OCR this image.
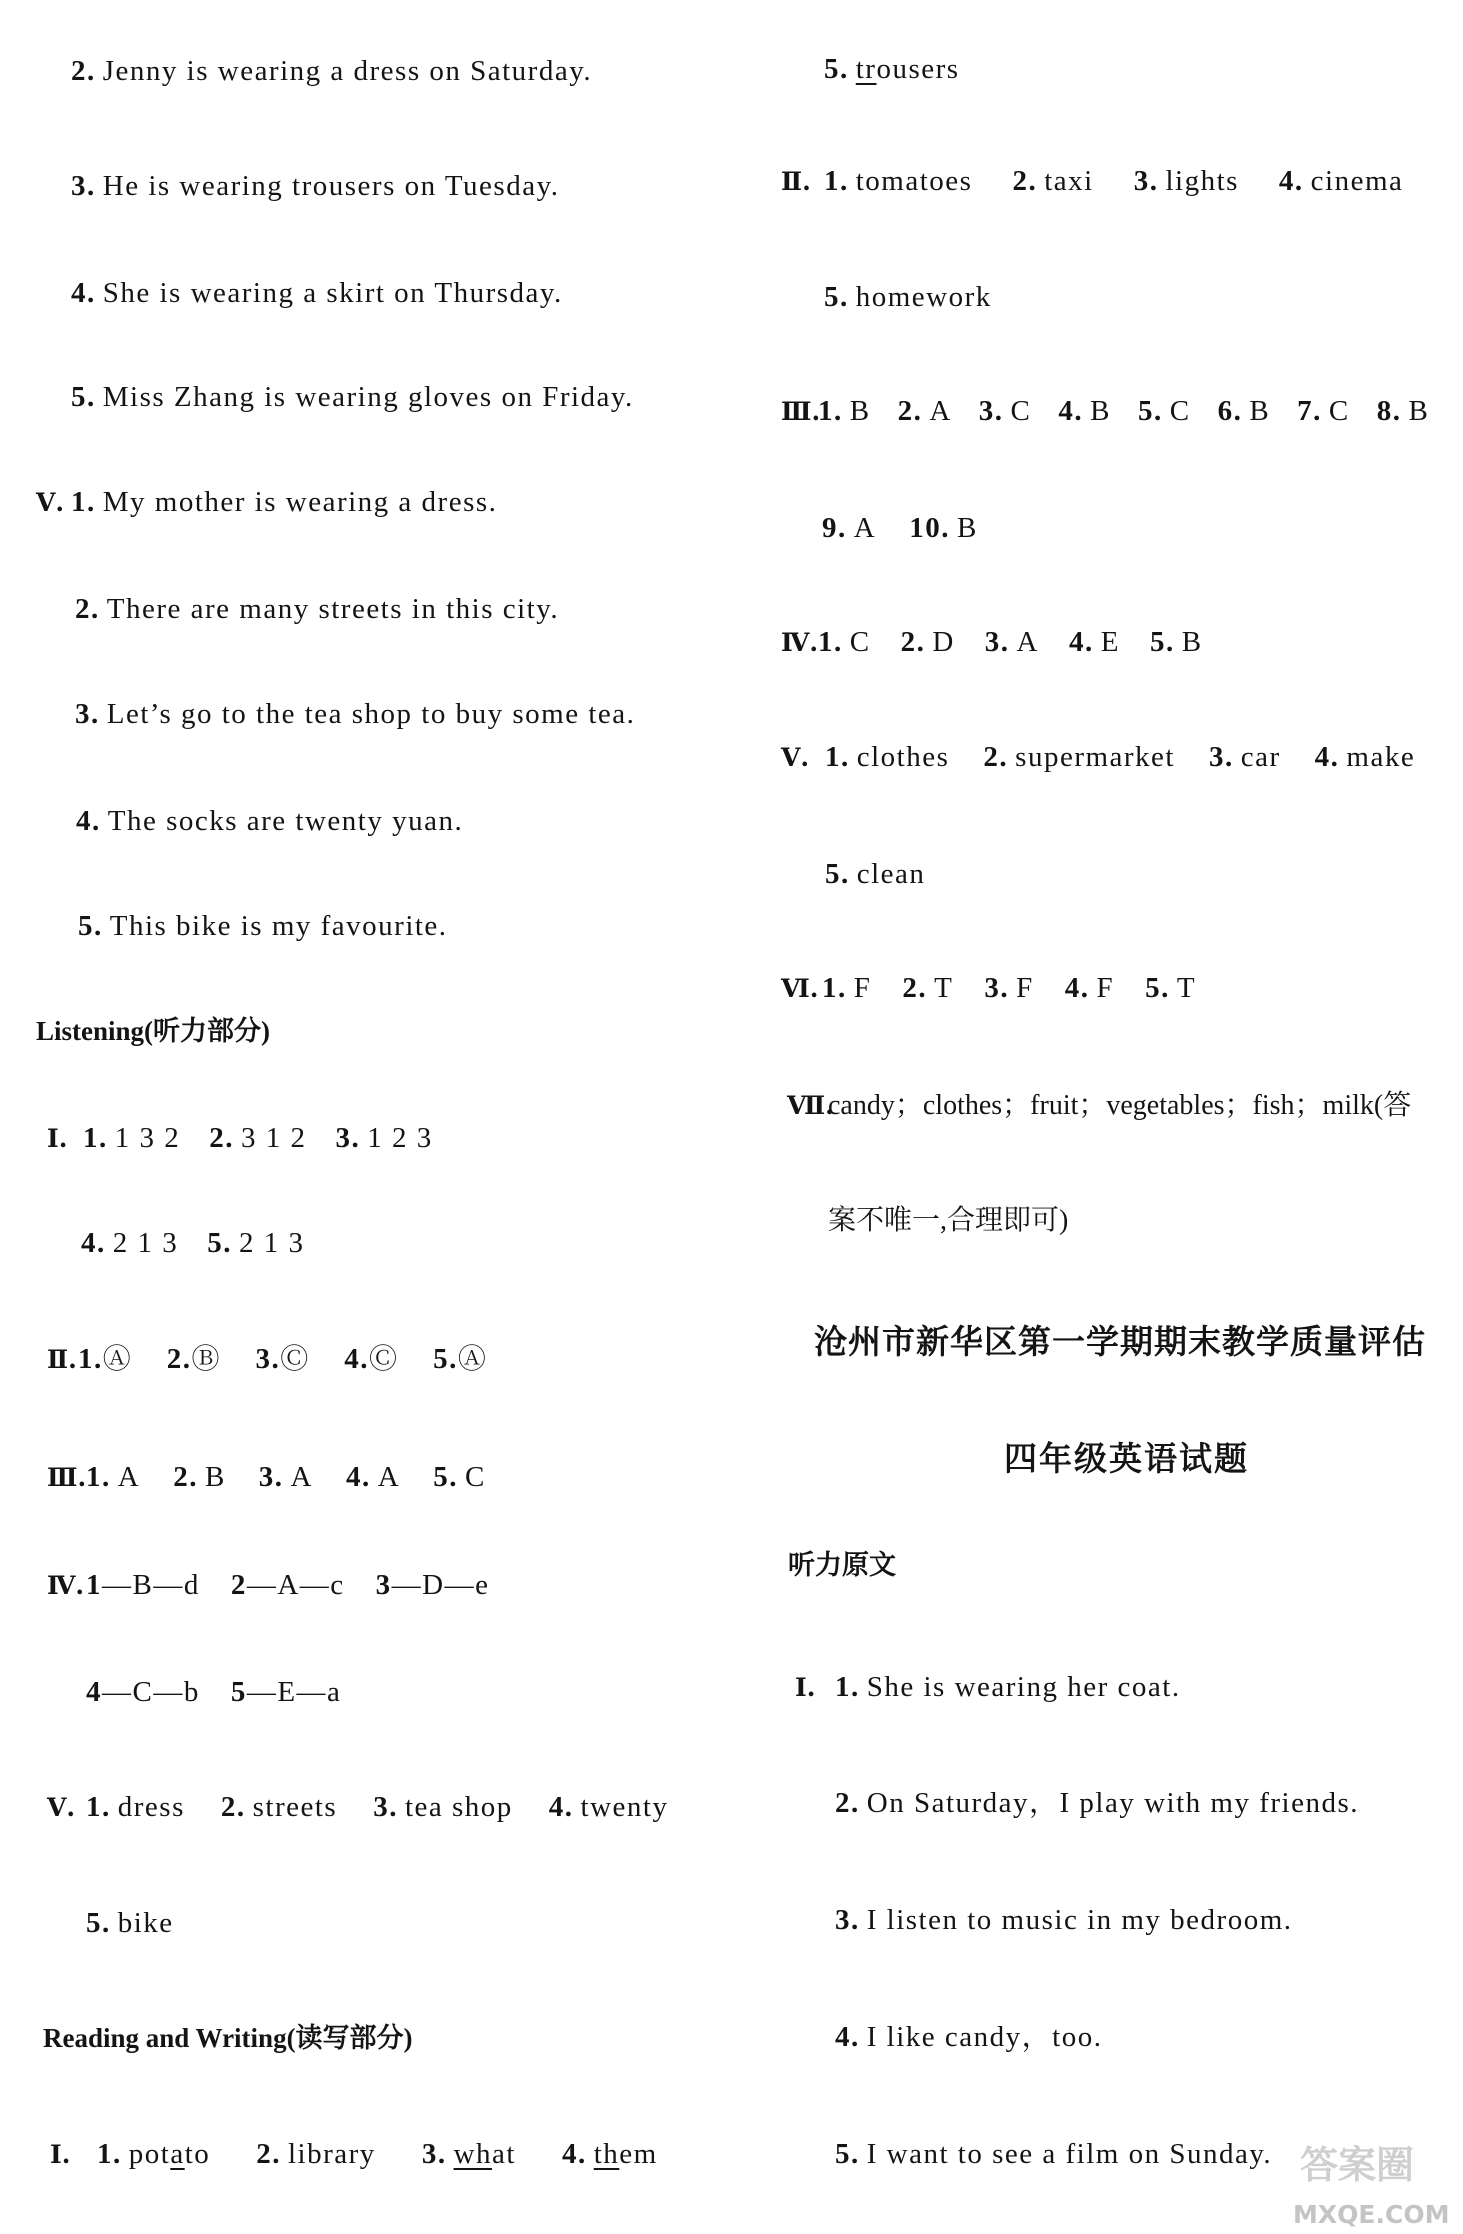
2. Jenny is wearing a dress on Saturday.
3. He is wearing trousers on Tuesday.
4. She is wearing a skirt on Thursday.
5. Miss Zhang is wearing gloves on Friday.
Ⅴ. 1. My mother is wearing a dress.
2. There are many streets in this city.
3. Let’s go to the tea shop to buy some tea.
4. The socks are twenty yuan.
5. This bike is my favourite.
Listening(听力部分)
Ⅰ. 1. 1 3 2 2. 3 1 2 3. 1 2 3
4. 2 1 3 5. 2 1 3
Ⅱ. 1.Ⓐ 2.Ⓑ 3.Ⓒ 4.Ⓒ 5.Ⓐ
Ⅲ. 1. A 2. B 3. A 4. A 5. C
Ⅳ. 1—B—d 2—A—c 3—D—e
4—C—b 5—E—a
Ⅴ. 1. dress 2. streets 3. tea shop 4. twenty
5. bike
Reading and Writing(读写部分)
Ⅰ. 1. potato 2. library 3. what 4. them
5. trousers
Ⅱ. 1. tomatoes 2. taxi 3. lights 4. cinema
5. homework
Ⅲ.
1. B 2. A 3. C 4. B 5. C 6. B 7. C 8. B
9. A 10. B
Ⅳ. 1. C 2. D 3. A 4. E 5. B
Ⅴ. 1. clothes 2. supermarket 3. car 4. make
5. clean
Ⅵ. 1. F 2. T 3. F 4. F 5. T
Ⅶ.
candy；clothes；fruit；vegetables；fish；milk(答
案不唯一,合理即可)
沧州市新华区第一学期期末教学质量评估
四年级英语试题
听力原文
Ⅰ. 1. She is wearing her coat.
2. On Saturday，I play with my friends.
3. I listen to music in my bedroom.
4. I like candy，too.
5. I want to see a film on Sunday. 答案圈
MXQE.COM
